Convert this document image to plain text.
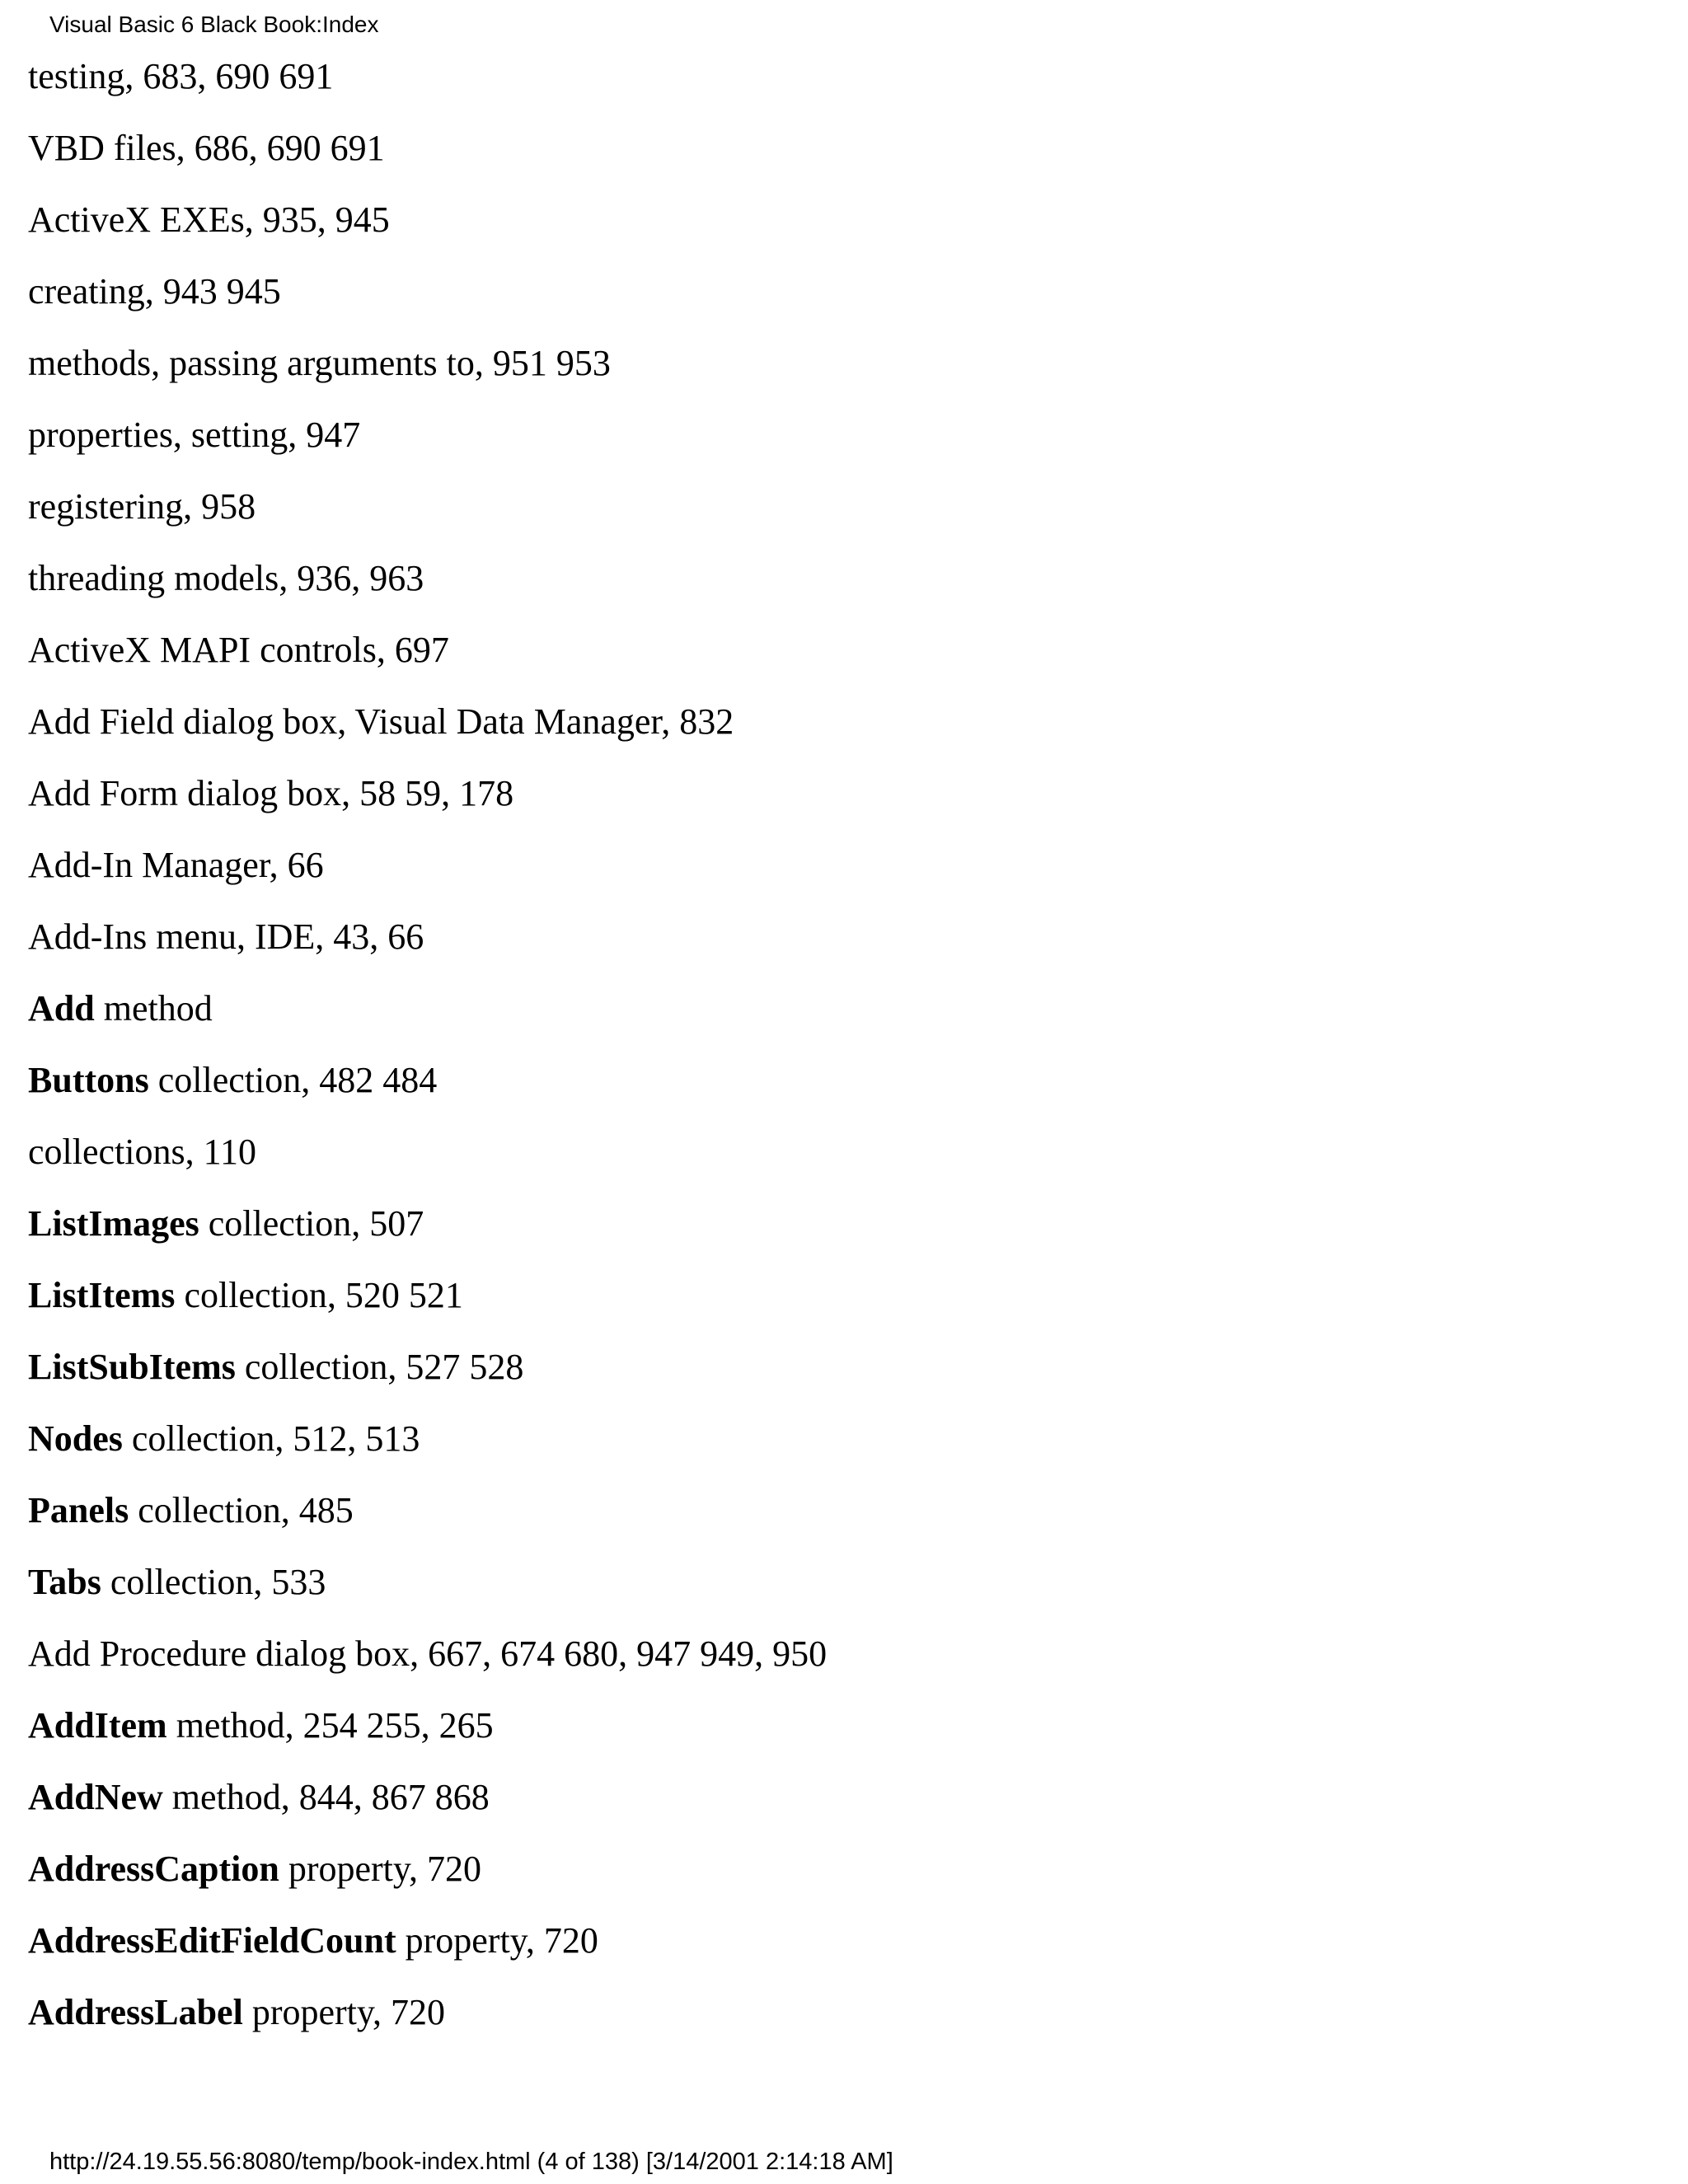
Visual Basic 6 Black Book:Index
testing, 683, 690 691
VBD files, 686, 690 691
ActiveX EXEs, 935, 945
creating, 943 945
methods, passing arguments to, 951 953
properties, setting, 947
registering, 958
threading models, 936, 963
ActiveX MAPI controls, 697
Add Field dialog box, Visual Data Manager, 832
Add Form dialog box, 58 59, 178
Add-In Manager, 66
Add-Ins menu, IDE, 43, 66
Add method
Buttons collection, 482 484
collections, 110
ListImages collection, 507
ListItems collection, 520 521
ListSubItems collection, 527 528
Nodes collection, 512, 513
Panels collection, 485
Tabs collection, 533
Add Procedure dialog box, 667, 674 680, 947 949, 950
AddItem method, 254 255, 265
AddNew method, 844, 867 868
AddressCaption property, 720
AddressEditFieldCount property, 720
AddressLabel property, 720
http://24.19.55.56:8080/temp/book-index.html (4 of 138) [3/14/2001 2:14:18 AM]
